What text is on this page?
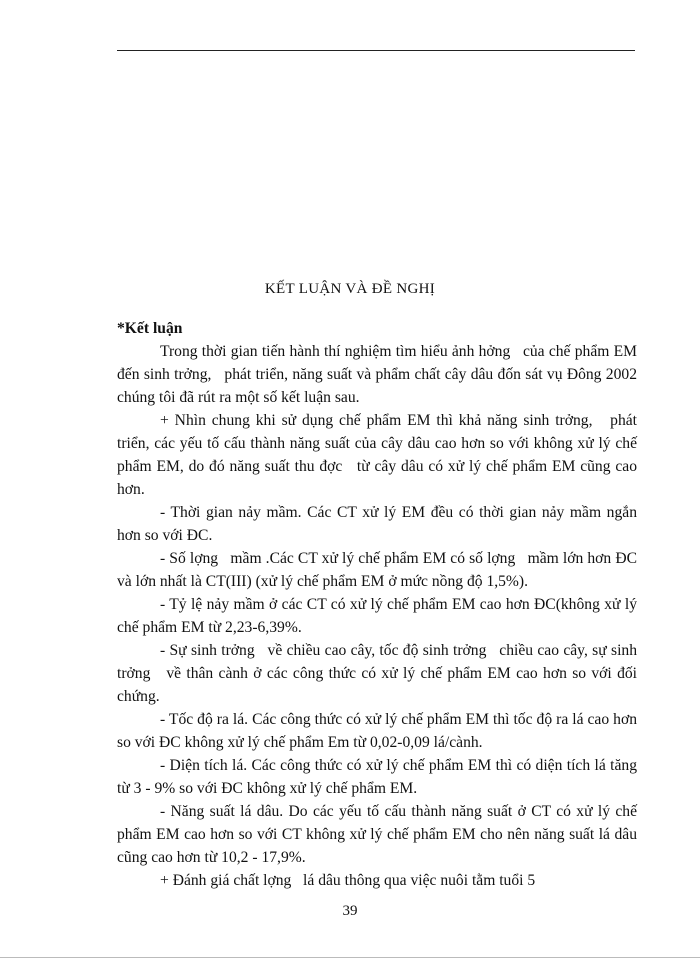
KẾT LUẬN VÀ ĐỀ NGHỊ

*Kết luận

Trong thời gian tiến hành thí nghiệm tìm hiểu ảnh hởng   của chế phẩm EM đến sinh trởng,   phát triển, năng suất và phẩm chất cây dâu đốn sát vụ Đông 2002 chúng tôi đã rút ra một số kết luận sau.

+ Nhìn chung khi sử dụng chế phẩm EM thì khả năng sinh trởng,   phát triển, các yếu tố cấu thành năng suất của cây dâu cao hơn so với không xử lý chế phẩm EM, do đó năng suất thu đợc   từ cây dâu có xử lý chế phẩm EM cũng cao hơn.

- Thời gian nảy mầm. Các CT xử lý EM đều có thời gian nảy mầm ngắn hơn so với ĐC.

- Số lợng   mầm .Các CT xử lý chế phẩm EM có số lợng   mầm lớn hơn ĐC và lớn nhất là CT(III) (xử lý chế phẩm EM ở mức nồng độ 1,5%).

- Tỷ lệ nảy mầm ở các CT có xử lý chế phẩm EM cao hơn ĐC(không xử lý chế phẩm EM từ 2,23-6,39%.

- Sự sinh trởng   về chiều cao cây, tốc độ sinh trởng   chiều cao cây, sự sinh trởng   về thân cành ở các công thức có xử lý chế phẩm EM cao hơn so với đối chứng.

- Tốc độ ra lá. Các công thức có xử lý chế phẩm EM thì tốc độ ra lá cao hơn so với ĐC không xử lý chế phẩm Em từ 0,02-0,09 lá/cành.

- Diện tích lá. Các công thức có xử lý chế phẩm EM thì có diện tích lá tăng từ 3 - 9% so với ĐC không xử lý chế phẩm EM.

- Năng suất lá dâu. Do các yếu tố cấu thành năng suất ở CT có xử lý chế phẩm EM cao hơn so với CT không xử lý chế phẩm EM cho nên năng suất lá dâu cũng cao hơn từ 10,2 - 17,9%.

+ Đánh giá chất lợng   lá dâu thông qua việc nuôi tằm tuổi 5

39
